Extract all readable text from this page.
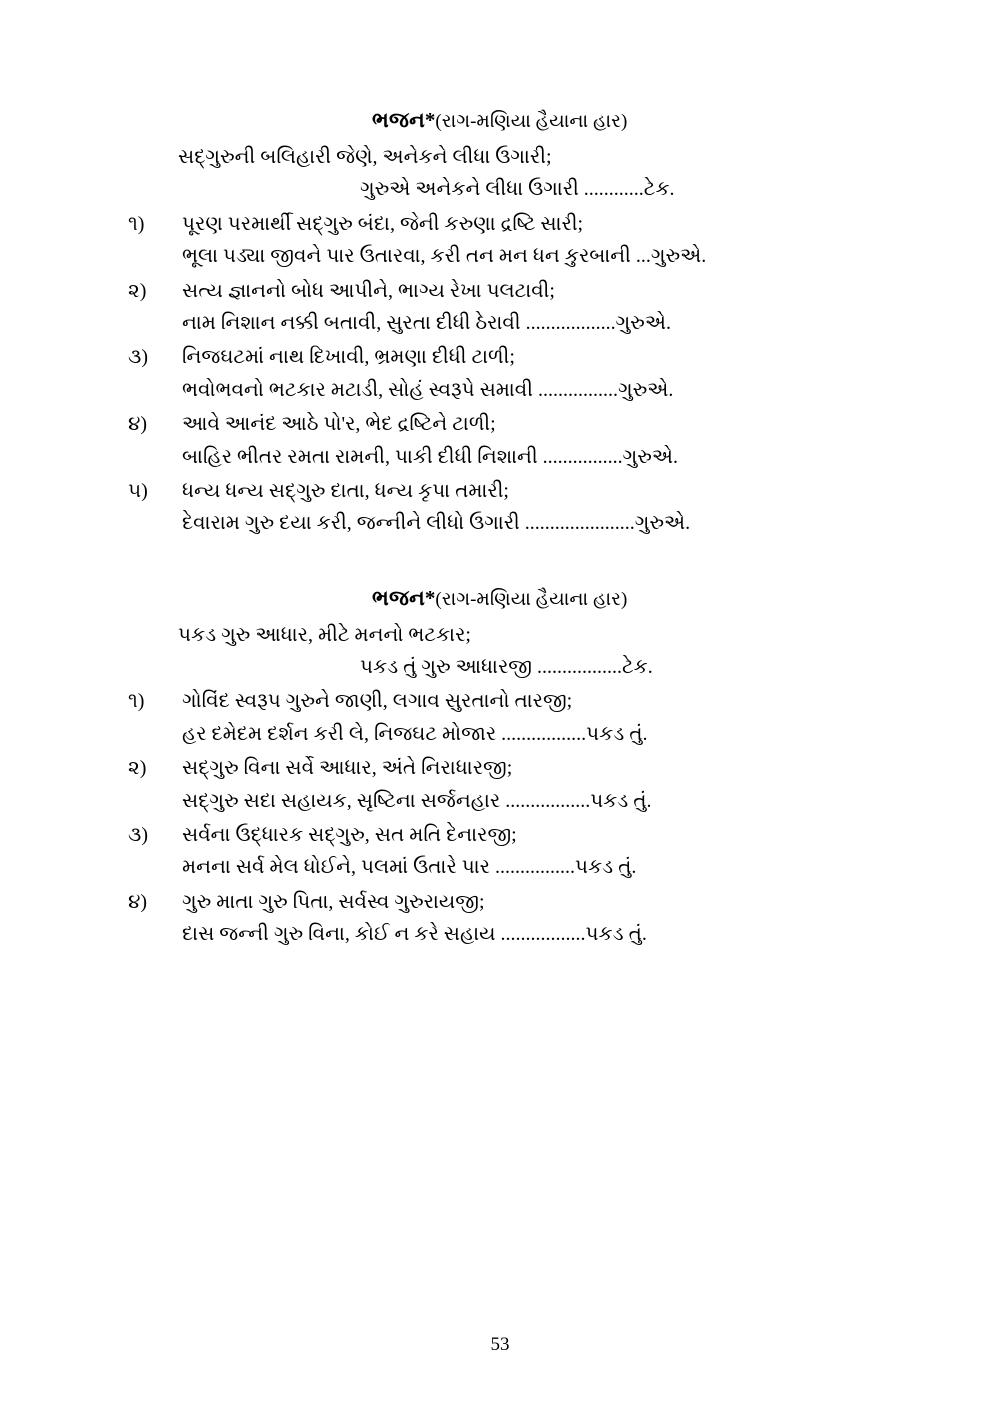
ભજન*(રાગ-મણિયા હૈયાના હાર)
સદ્‌ગુરુની બલિહારી જેણે, અનેકને લીધા ઉગારી;
ગુરુએ અનેકને લીધા ઉગારી ............ટેક.
૧)	પૂરણ પરમાર્થી સદ્‌ગુરુ બંદા, જેની કરુણા દ્રષ્ટિ સારી;
ભૂલા પડ્યા જીવને પાર ઉતારવા, કરી તન મન ધન કુરબાની ...ગુરુએ.
૨)	સત્ય જ્ઞાનનો બોધ આપીને, ભાગ્ય રેખા પલટાવી;
નામ નિશાન નક્કી બતાવી, સુરતા દીધી ઠેરાવી ..................ગુરુએ.
૩)	નિજઘટમાં નાથ દિખાવી, ભ્રમણા દીધી ટાળી;
ભવોભવનો ભટકાર મટાડી, સોહં સ્વરૂપે સમાવી ................ગુરુએ.
૪)	આવે આનંદ આઠે પો'ર, ભેદ દ્રષ્ટિને ટાળી;
બાહિર ભીતર રમતા રામની, પાકી દીધી નિશાની ................ગુરુએ.
૫)	ધન્ય ધન્ય સદ્‌ગુરુ દાતા, ધન્ય કૃપા તમારી;
દેવારામ ગુરુ દયા કરી, જન્નીને લીધો ઉગારી ......................ગુરુએ.
ભજન*(રાગ-મણિયા હૈયાના હાર)
પકડ ગુરુ આધાર, મીટે મનનો ભટકાર;
પકડ તું ગુરુ આધારજી .................ટેક.
૧)	ગોવિંદ સ્વરૂપ ગુરુને જાણી, લગાવ સુરતાનો તારજી;
હર દમેદમ દર્શન કરી લે, નિજઘટ મોજાર .................પકડ તું.
૨)	સદ્‌ગુરુ વિના સર્વે આધાર, અંતે નિરાધારજી;
સદ્‌ગુરુ સદા સહાયક, સૃષ્ટિના સર્જનહાર .................પકડ તું.
૩)	સર્વના ઉદ્ધારક સદ્‌ગુરુ, સત મતિ દેનારજી;
મનના સર્વ મેલ ધોઈને, પલમાં ઉતારે પાર ................પકડ તું.
૪)	ગુરુ માતા ગુરુ પિતા, સર્વસ્વ ગુરુરાયજી;
દાસ જન્ની ગુરુ વિના, કોઈ ન કરે સહાય .................પકડ તું.
53
